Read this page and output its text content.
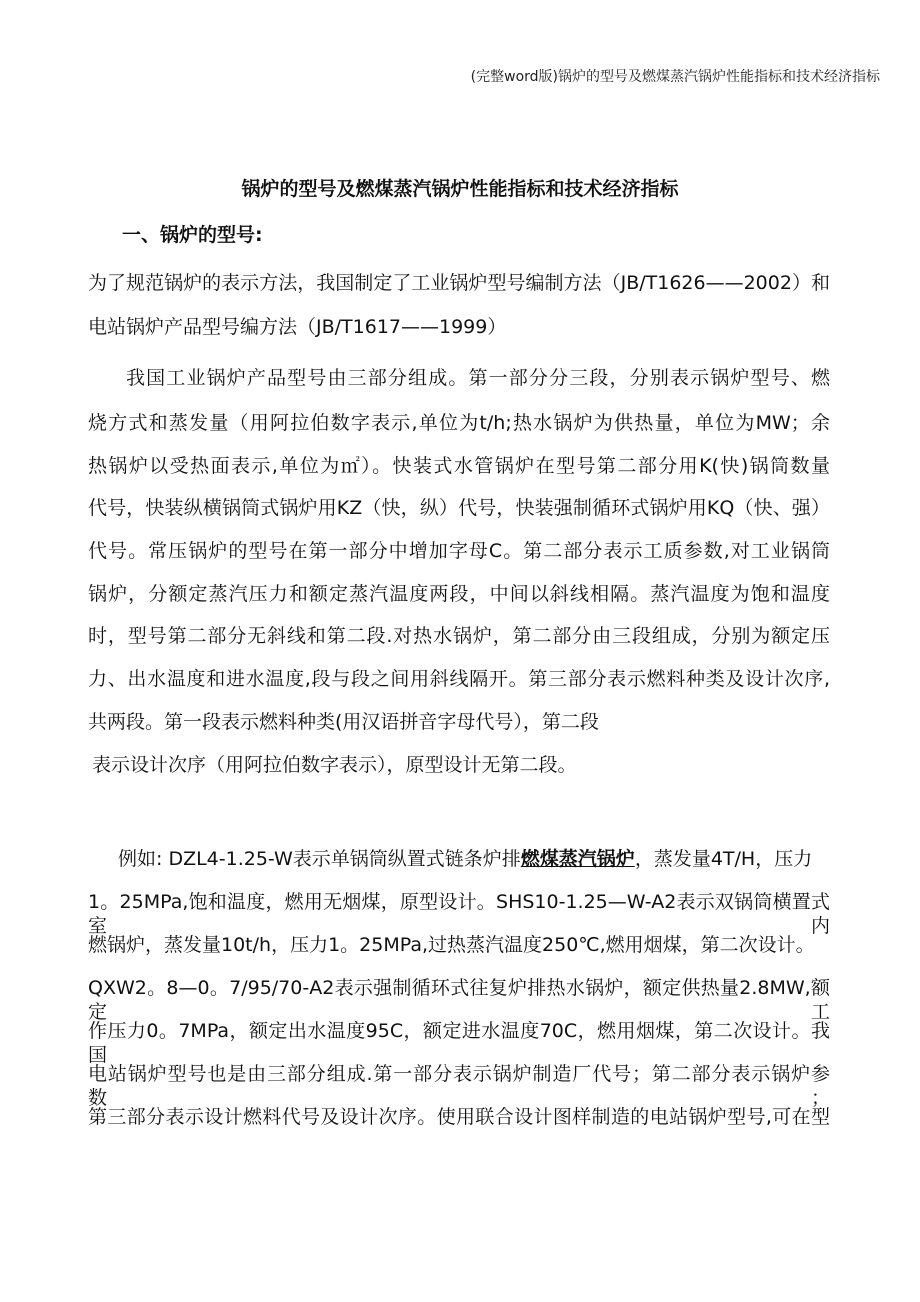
(完整word版)锅炉的型号及燃煤蒸汽锅炉性能指标和技术经济指标
锅炉的型号及燃煤蒸汽锅炉性能指标和技术经济指标
一、锅炉的型号:
为了规范锅炉的表示方法，我国制定了工业锅炉型号编制方法（JB/T1626——2002）和
电站锅炉产品型号编方法（JB/T1617——1999）
我国工业锅炉产品型号由三部分组成。第一部分分三段，分别表示锅炉型号、燃
烧方式和蒸发量（用阿拉伯数字表示,单位为t/h;热水锅炉为供热量，单位为MW；余
热锅炉以受热面表示,单位为㎡）。快装式水管锅炉在型号第二部分用K(快)锅筒数量
代号，快装纵横锅筒式锅炉用KZ（快，纵）代号，快装强制循环式锅炉用KQ（快、强）
代号。常压锅炉的型号在第一部分中增加字母C。第二部分表示工质参数,对工业锅筒
锅炉，分额定蒸汽压力和额定蒸汽温度两段，中间以斜线相隔。蒸汽温度为饱和温度
时，型号第二部分无斜线和第二段.对热水锅炉，第二部分由三段组成，分别为额定压
力、出水温度和进水温度,段与段之间用斜线隔开。第三部分表示燃料种类及设计次序,
共两段。第一段表示燃料种类(用汉语拼音字母代号），第二段
表示设计次序（用阿拉伯数字表示），原型设计无第二段。
例如: DZL4-1.25-W表示单锅筒纵置式链条炉排燃煤蒸汽锅炉，蒸发量4T/H，压力
1。25MPa,饱和温度，燃用无烟煤，原型设计。SHS10-1.25—W-A2表示双锅筒横置式室内
燃锅炉，蒸发量10t/h，压力1。25MPa,过热蒸汽温度250℃,燃用烟煤，第二次设计。
QXW2。8—0。7/95/70-A2表示强制循环式往复炉排热水锅炉，额定供热量2.8MW,额定工
作压力0。7MPa，额定出水温度95C，额定进水温度70C，燃用烟煤，第二次设计。我国
电站锅炉型号也是由三部分组成.第一部分表示锅炉制造厂代号；第二部分表示锅炉参数；
第三部分表示设计燃料代号及设计次序。使用联合设计图样制造的电站锅炉型号,可在型
